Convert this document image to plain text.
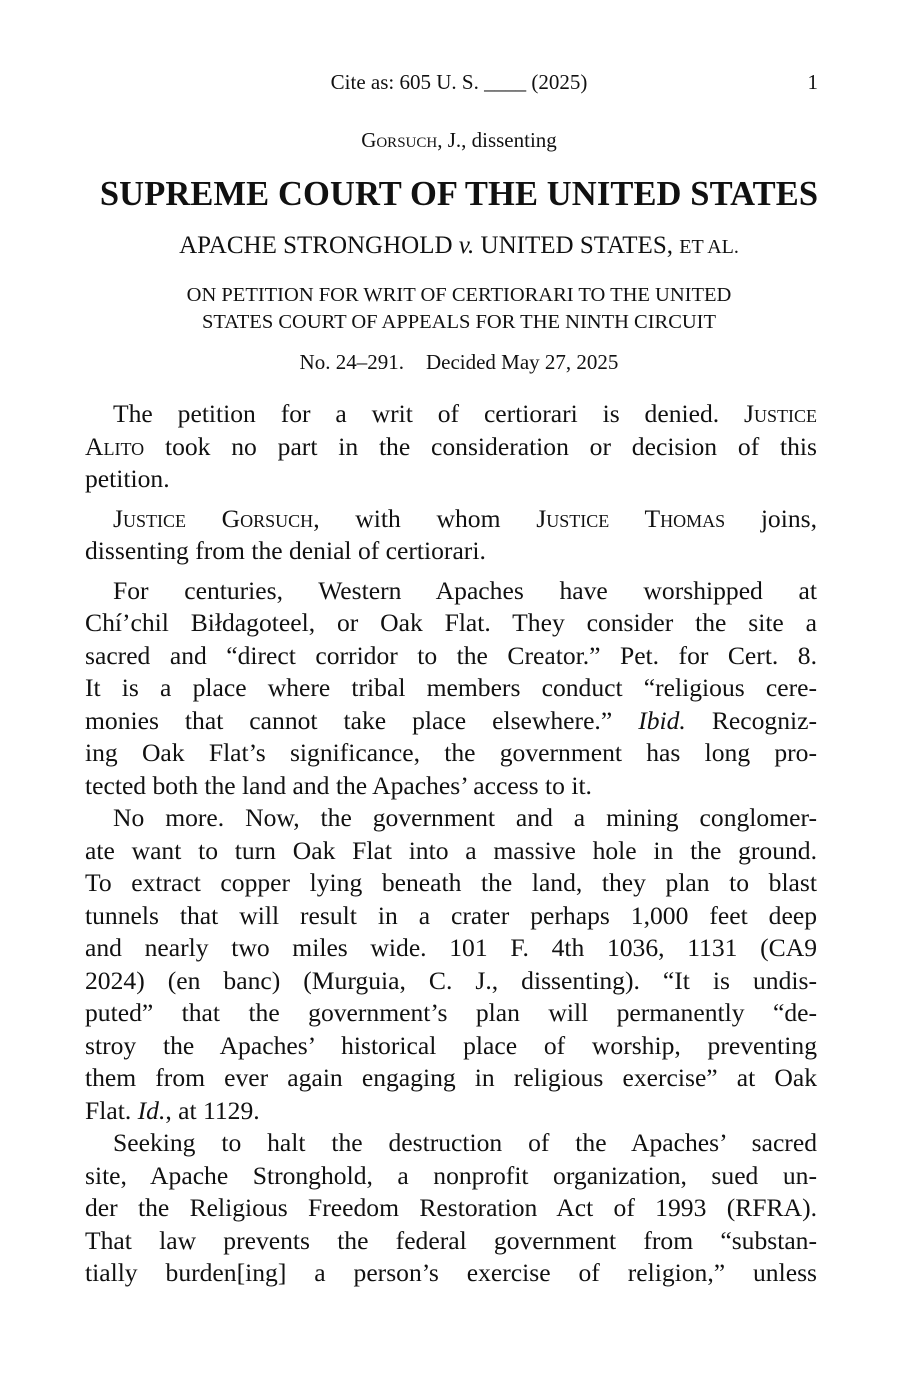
Cite as: 605 U. S. ____ (2025)	1
Gorsuch, J., dissenting
SUPREME COURT OF THE UNITED STATES
APACHE STRONGHOLD v. UNITED STATES, ET AL.
ON PETITION FOR WRIT OF CERTIORARI TO THE UNITED
STATES COURT OF APPEALS FOR THE NINTH CIRCUIT
No. 24–291. Decided May 27, 2025
The petition for a writ of certiorari is denied. Justice
Alito took no part in the consideration or decision of this
petition.
Justice Gorsuch, with whom Justice Thomas joins,
dissenting from the denial of certiorari.
For centuries, Western Apaches have worshipped at
Chí’chil Biłdagoteel, or Oak Flat. They consider the site a
sacred and “direct corridor to the Creator.” Pet. for Cert. 8.
It is a place where tribal members conduct “religious cere-
monies that cannot take place elsewhere.” Ibid. Recogniz-
ing Oak Flat’s significance, the government has long pro-
tected both the land and the Apaches’ access to it.
No more. Now, the government and a mining conglomer-
ate want to turn Oak Flat into a massive hole in the ground.
To extract copper lying beneath the land, they plan to blast
tunnels that will result in a crater perhaps 1,000 feet deep
and nearly two miles wide. 101 F. 4th 1036, 1131 (CA9
2024) (en banc) (Murguia, C. J., dissenting). “It is undis-
puted” that the government’s plan will permanently “de-
stroy the Apaches’ historical place of worship, preventing
them from ever again engaging in religious exercise” at Oak
Flat. Id., at 1129.
Seeking to halt the destruction of the Apaches’ sacred
site, Apache Stronghold, a nonprofit organization, sued un-
der the Religious Freedom Restoration Act of 1993 (RFRA).
That law prevents the federal government from “substan-
tially burden[ing] a person’s exercise of religion,” unless
